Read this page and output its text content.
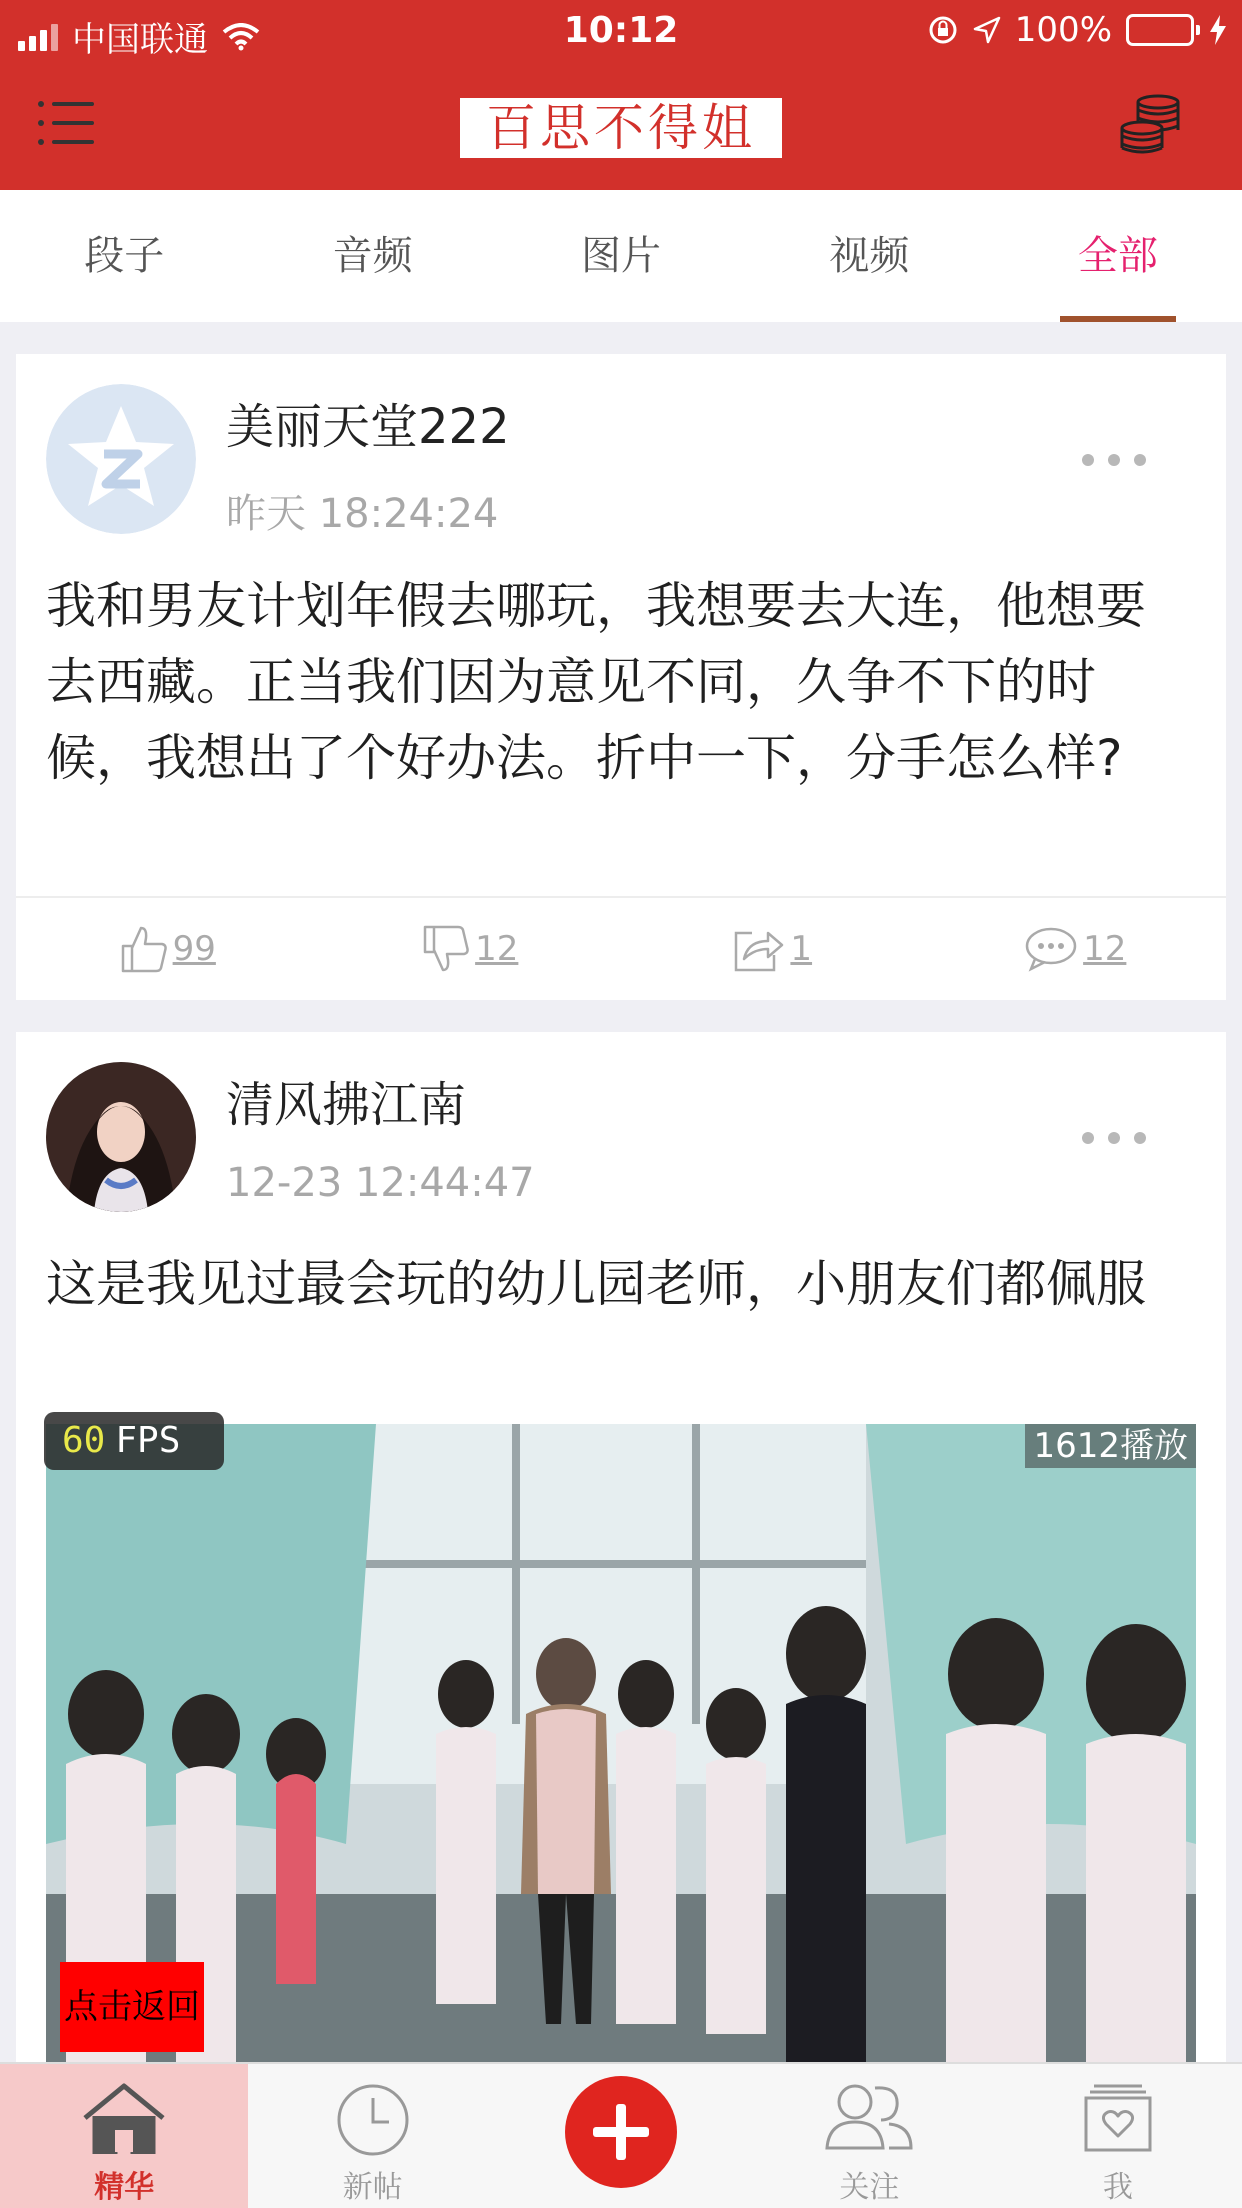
中国联通	10:12	100%
百思不得姐
段子	音频	图片	视频	全部
美丽天堂222
昨天 18:24:24
我和男友计划年假去哪玩，我想要去大连，他想要去西藏。正当我们因为意见不同，久争不下的时候，我想出了个好办法。折中一下，分手怎么样?
99	12	1	12
清风拂江南
12-23 12:44:47
这是我见过最会玩的幼儿园老师，小朋友们都佩服
1612播放
60 FPS
点击返回
精华	新帖	关注	我
